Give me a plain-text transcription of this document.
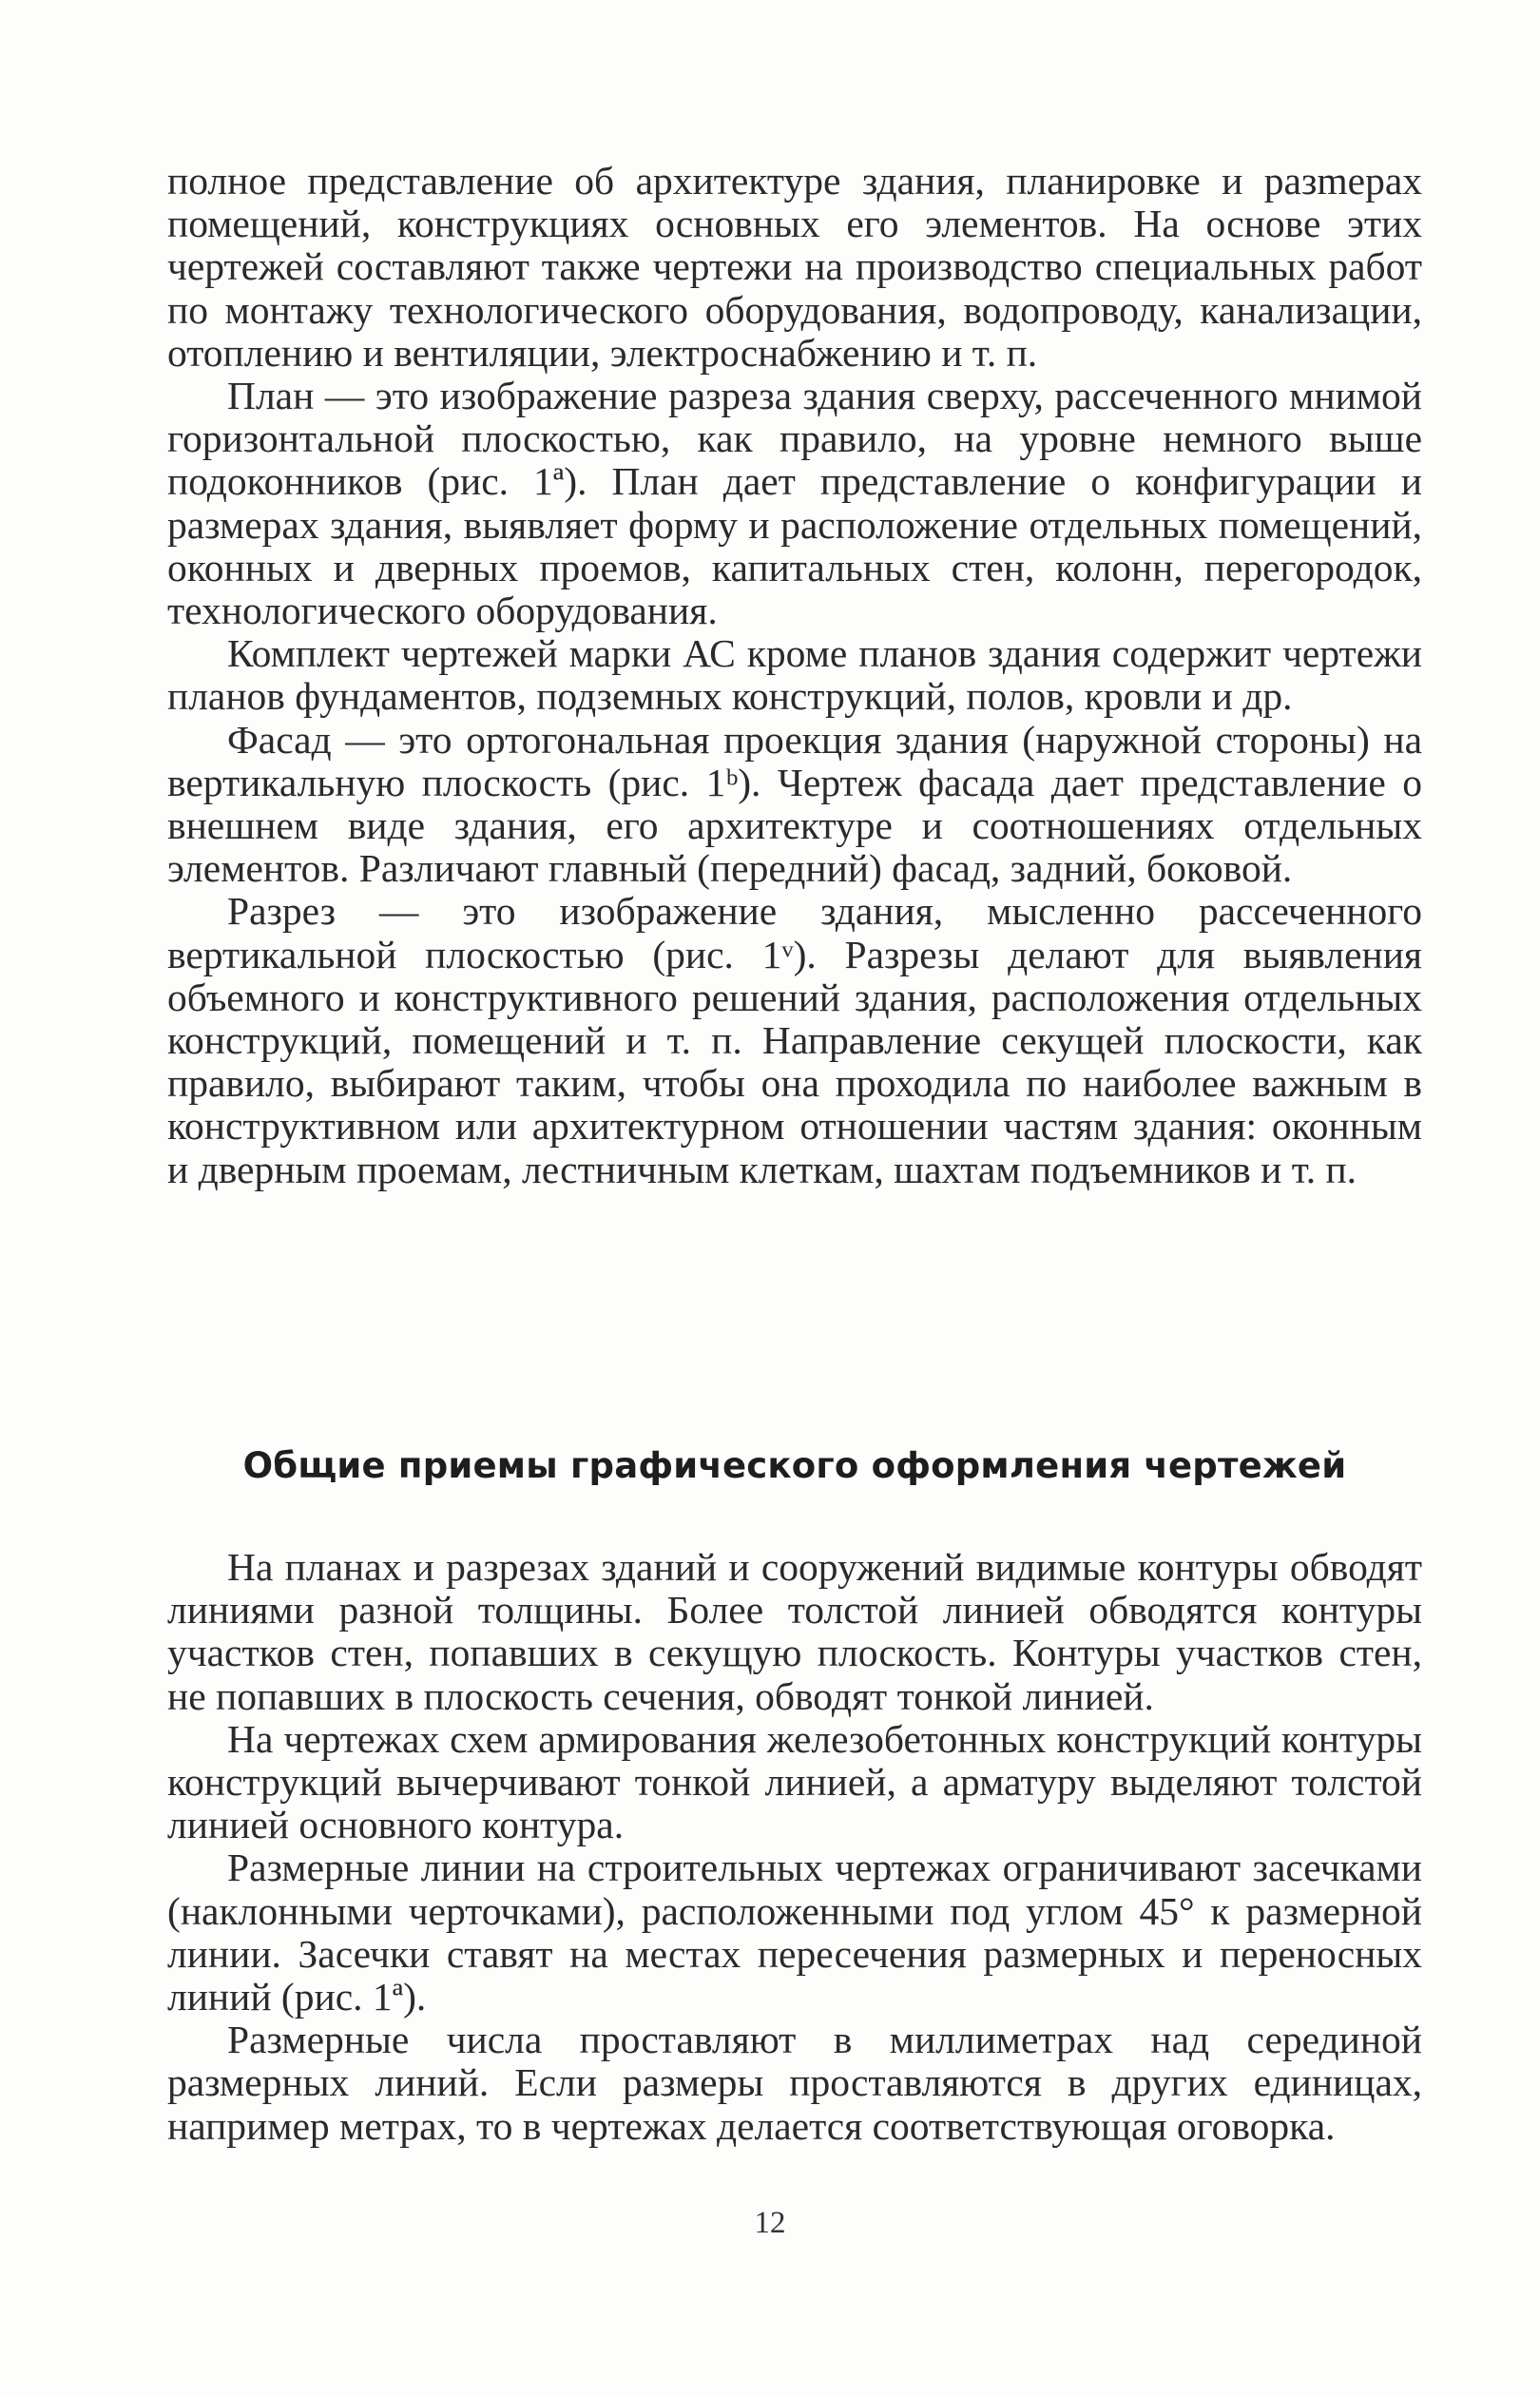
полное представление об архитектуре здания, планировке и разmерах помещений, конструкциях основных его элементов. На основе этих чертежей составляют также чертежи на производство специальных работ по монтажу технологического оборудования, водопроводу, канализации, отоплению и вентиляции, электроснабжению и т. п.

План — это изображение разреза здания сверху, рассеченного мнимой горизонтальной плоскостью, как правило, на уровне немного выше подоконников (рис. 1ª). План дает представление о конфигурации и размерах здания, выявляет форму и расположение отдельных помещений, оконных и дверных проемов, капитальных стен, колонн, перегородок, технологического оборудования.

Комплект чертежей марки АС кроме планов здания содержит чертежи планов фундаментов, подземных конструкций, полов, кровли и др.

Фасад — это ортогональная проекция здания (наружной стороны) на вертикальную плоскость (рис. 1ᵇ). Чертеж фасада дает представление о внешнем виде здания, его архитектуре и соотношениях отдельных элементов. Различают главный (передний) фасад, задний, боковой.

Разрез — это изображение здания, мысленно рассеченного вертикальной плоскостью (рис. 1ᵛ). Разрезы делают для выявления объемного и конструктивного решений здания, расположения отдельных конструкций, помещений и т. п. Направление секущей плоскости, как правило, выбирают таким, чтобы она проходила по наиболее важным в конструктивном или архитектурном отношении частям здания: оконным и дверным проемам, лестничным клеткам, шахтам подъемников и т. п.

Общие приемы графического оформления чертежей

На планах и разрезах зданий и сооружений видимые контуры обводят линиями разной толщины. Более толстой линией обводятся контуры участков стен, попавших в секущую плоскость. Контуры участков стен, не попавших в плоскость сечения, обводят тонкой линией.

На чертежах схем армирования железобетонных конструкций контуры конструкций вычерчивают тонкой линией, а арматуру выделяют толстой линией основного контура.

Размерные линии на строительных чертежах ограничивают засечками (наклонными черточками), расположенными под углом 45° к размерной линии. Засечки ставят на местах пересечения размерных и переносных линий (рис. 1ª).

Размерные числа проставляют в миллиметрах над серединой размерных линий. Если размеры проставляются в других единицах, например метрах, то в чертежах делается соответствующая оговорка.

12
